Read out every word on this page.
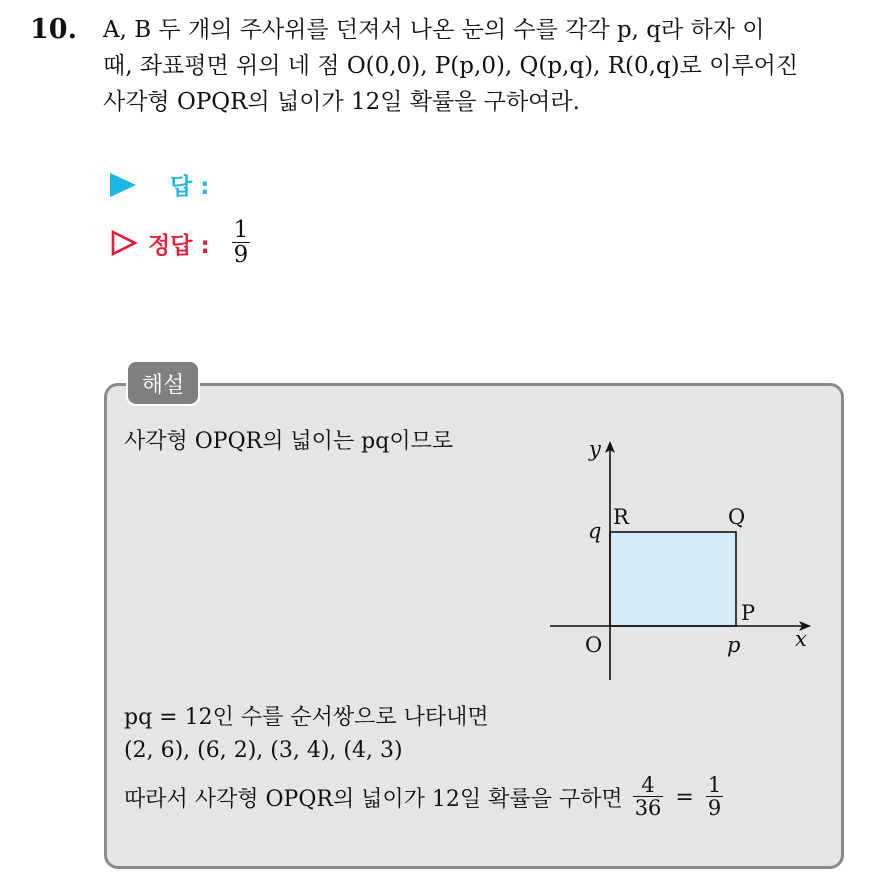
10. A, B 두 개의 주사위를 던져서 나온 눈의 수를 각각 p, q라 하자 이
때, 좌표평면 위의 네 점 O(0,0), P(p,0), Q(p,q), R(0,q)로 이루어진
사각형 OPQR의 넓이가 12일 확률을 구하여라.
답 :
정답 : $\frac{1}{9}$
해설
사각형 OPQR의 넓이는 pq이므로	y
x
O	p
q
R	Q
P
pq = 12인 수를 순서쌍으로 나타내면
(2, 6), (6, 2), (3, 4), (4, 3)
따라서 사각형 OPQR의 넓이가 12일 확률을 구하면 $\frac{4}{36} = \frac{1}{9}$
